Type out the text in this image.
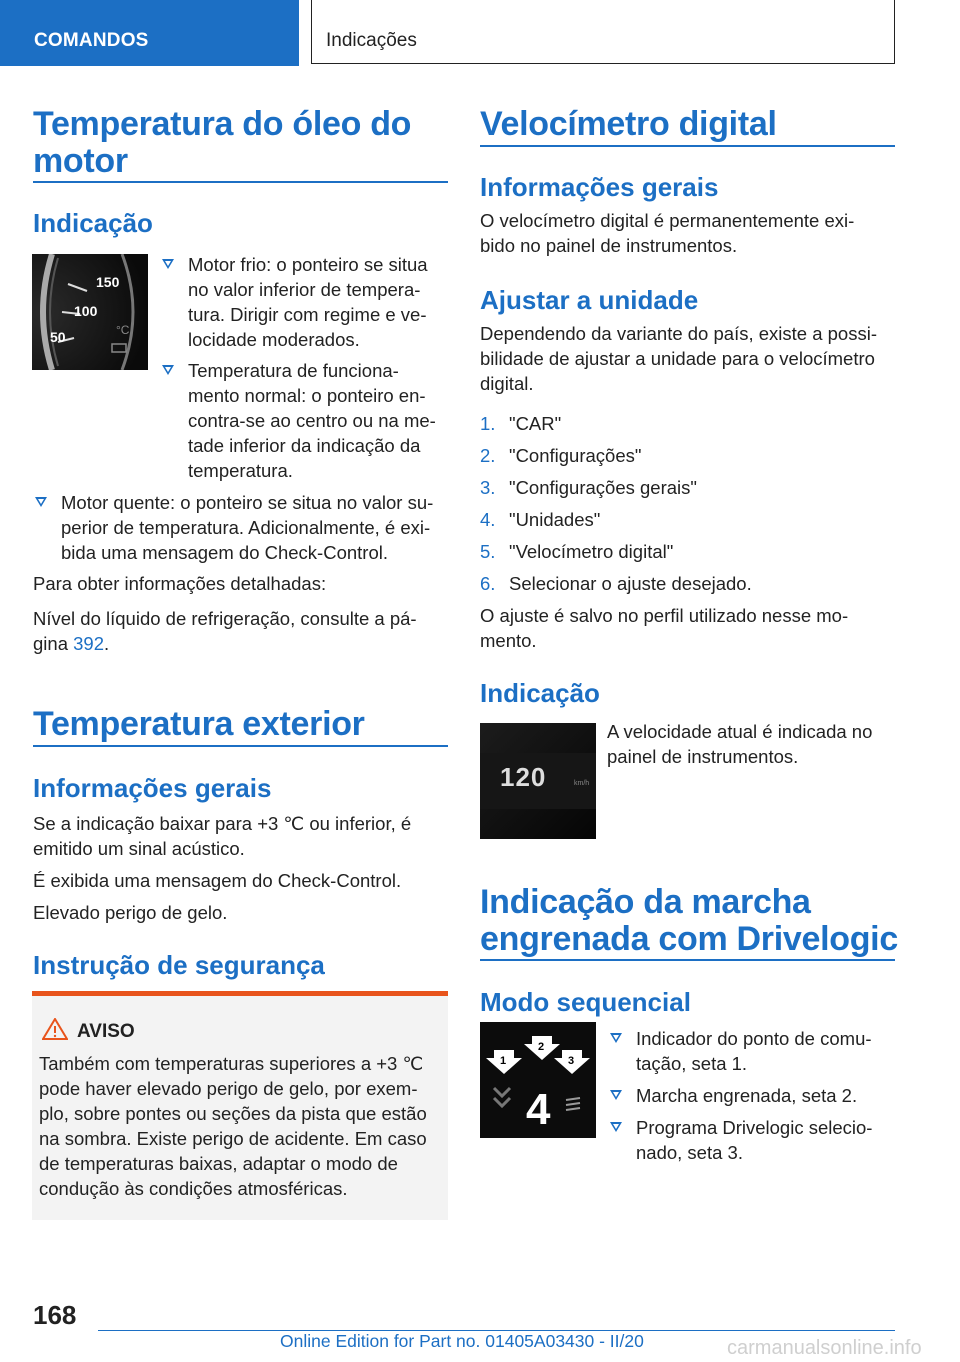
COMANDOS	Indicações
Temperatura do óleo do
motor
Indicação
150
100
50	°C
Motor frio: o ponteiro se situa
no valor inferior de tempera-
tura. Dirigir com regime e ve-
locidade moderados.
Temperatura de funciona-
mento normal: o ponteiro en-
contra-se ao centro ou na me-
tade inferior da indicação da
temperatura.
Motor quente: o ponteiro se situa no valor su-
perior de temperatura. Adicionalmente, é exi-
bida uma mensagem do Check-Control.
Para obter informações detalhadas:
Nível do líquido de refrigeração, consulte a pá-
gina 392.
Temperatura exterior
Informações gerais
Se a indicação baixar para +3 ℃ ou inferior, é
emitido um sinal acústico.
É exibida uma mensagem do Check-Control.
Elevado perigo de gelo.
Instrução de segurança
AVISO
Também com temperaturas superiores a +3 ℃
pode haver elevado perigo de gelo, por exem-
plo, sobre pontes ou seções da pista que estão
na sombra. Existe perigo de acidente. Em caso
de temperaturas baixas, adaptar o modo de
condução às condições atmosféricas.
Velocímetro digital
Informações gerais
O velocímetro digital é permanentemente exi-
bido no painel de instrumentos.
Ajustar a unidade
Dependendo da variante do país, existe a possi-
bilidade de ajustar a unidade para o velocímetro
digital.
1. "CAR"
2. "Configurações"
3. "Configurações gerais"
4. "Unidades"
5. "Velocímetro digital"
6. Selecionar o ajuste desejado.
O ajuste é salvo no perfil utilizado nesse mo-
mento.
Indicação
120	km/h
A velocidade atual é indicada no
painel de instrumentos.
Indicação da marcha
engrenada com Drivelogic
Modo sequencial
1
2
3
4
Indicador do ponto de comu-
tação, seta 1.
Marcha engrenada, seta 2.
Programa Drivelogic selecio-
nado, seta 3.
168
Online Edition for Part no. 01405A03430 - II/20	carmanualsonline.info
